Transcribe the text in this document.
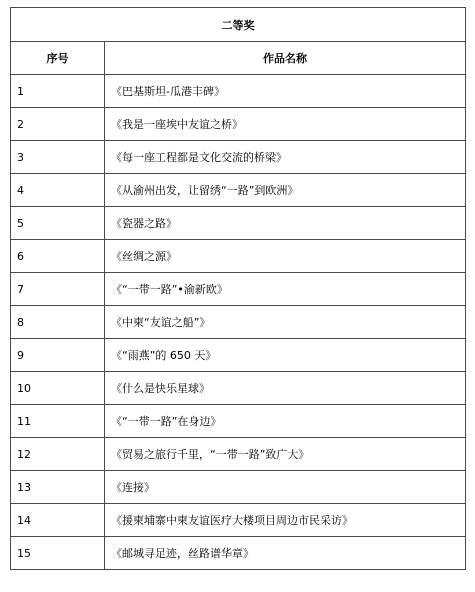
二等奖	
序号	作品名称
1	《巴基斯坦-瓜港丰碑》
2	《我是一座埃中友谊之桥》
3	《每一座工程都是文化交流的桥梁》
4	《从渝州出发，让留绣“一路”到欧洲》
5	《瓷器之路》
6	《丝绸之源》
7	《“一带一路”•渝新欧》
8	《中柬“友谊之船”》
9	《“雨燕”的 650 天》
10	《什么是快乐星球》
11	《“一带一路”在身边》
12	《贸易之旅行千里，“一带一路”致广大》
13	《连接》
14	《援柬埔寨中柬友谊医疗大楼项目周边市民采访》
15	《邮城寻足迹，丝路谱华章》
